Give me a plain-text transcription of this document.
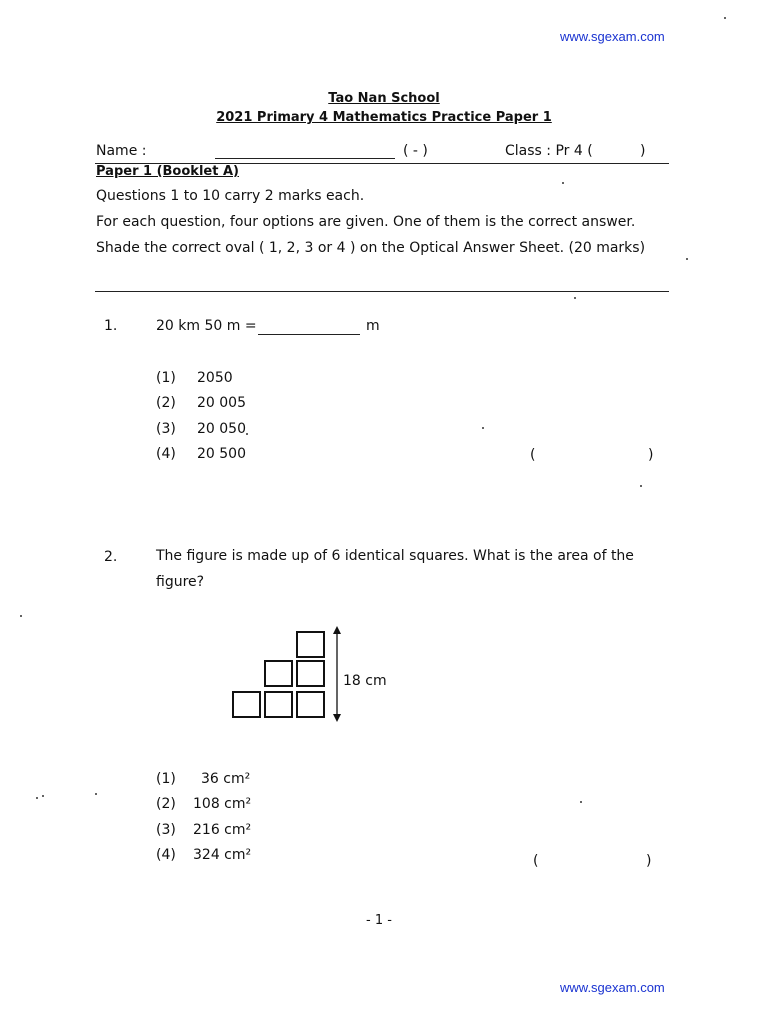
www.sgexam.com
Tao Nan School
2021 Primary 4 Mathematics Practice Paper 1
Name :	( - )	Class : Pr 4 (	)
Paper 1 (Booklet A)
Questions 1 to 10 carry 2 marks each.
For each question, four options are given. One of them is the correct answer.
Shade the correct oval ( 1, 2, 3 or 4 ) on the Optical Answer Sheet. (20 marks)
1.	20 km 50 m =	m
(1)	2050
(2)	20 005
(3)	20 050
(4)	20 500	(	)
2.	The figure is made up of 6 identical squares. What is the area of the
figure?
18 cm
(1)	36 cm²
(2)	108 cm²
(3)	216 cm²
(4)	324 cm²	(	)
- 1 -
www.sgexam.com
